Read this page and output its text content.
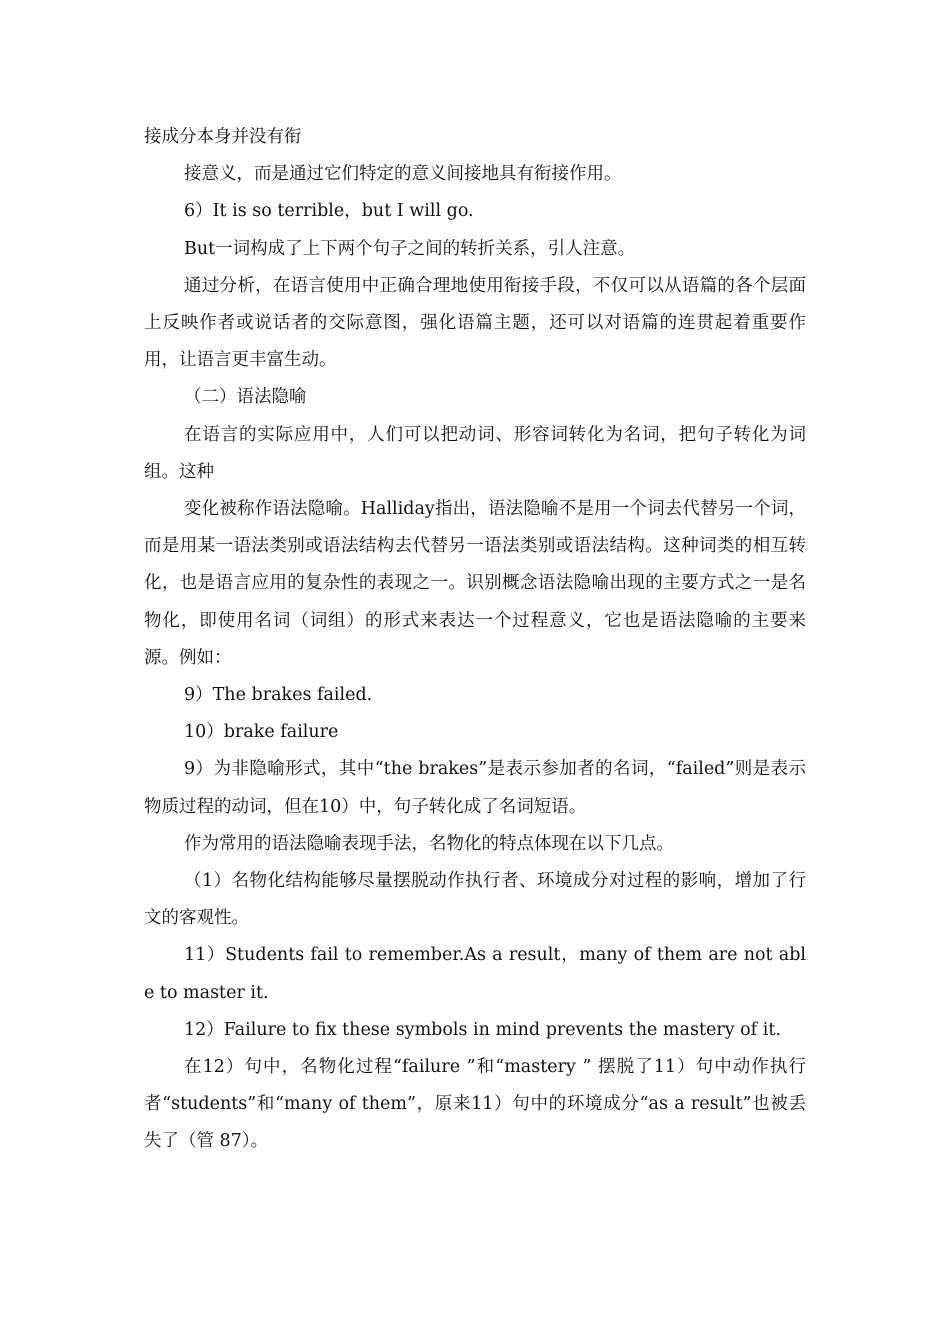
接成分本身并没有衔

接意义，而是通过它们特定的意义间接地具有衔接作用。

6）It is so terrible，but I will go.

But一词构成了上下两个句子之间的转折关系，引人注意。

通过分析，在语言使用中正确合理地使用衔接手段，不仅可以从语篇的各个层面上反映作者或说话者的交际意图，强化语篇主题，还可以对语篇的连贯起着重要作用，让语言更丰富生动。

（二）语法隐喻

在语言的实际应用中，人们可以把动词、形容词转化为名词，把句子转化为词组。这种

变化被称作语法隐喻。Halliday指出，语法隐喻不是用一个词去代替另一个词，而是用某一语法类别或语法结构去代替另一语法类别或语法结构。这种词类的相互转化，也是语言应用的复杂性的表现之一。识别概念语法隐喻出现的主要方式之一是名物化，即使用名词（词组）的形式来表达一个过程意义，它也是语法隐喻的主要来源。例如：

9）The brakes failed.

10）brake failure

9）为非隐喻形式，其中“the brakes”是表示参加者的名词，“failed”则是表示物质过程的动词，但在10）中，句子转化成了名词短语。

作为常用的语法隐喻表现手法，名物化的特点体现在以下几点。

（1）名物化结构能够尽量摆脱动作执行者、环境成分对过程的影响，增加了行文的客观性。

11）Students fail to remember.As a result，many of them are not able to master it.

12）Failure to fix these symbols in mind prevents the mastery of it.

在12）句中，名物化过程“failure ”和“mastery ” 摆脱了11）句中动作执行者“students”和“many of them”，原来11）句中的环境成分“as a result”也被丢失了（管 87）。
